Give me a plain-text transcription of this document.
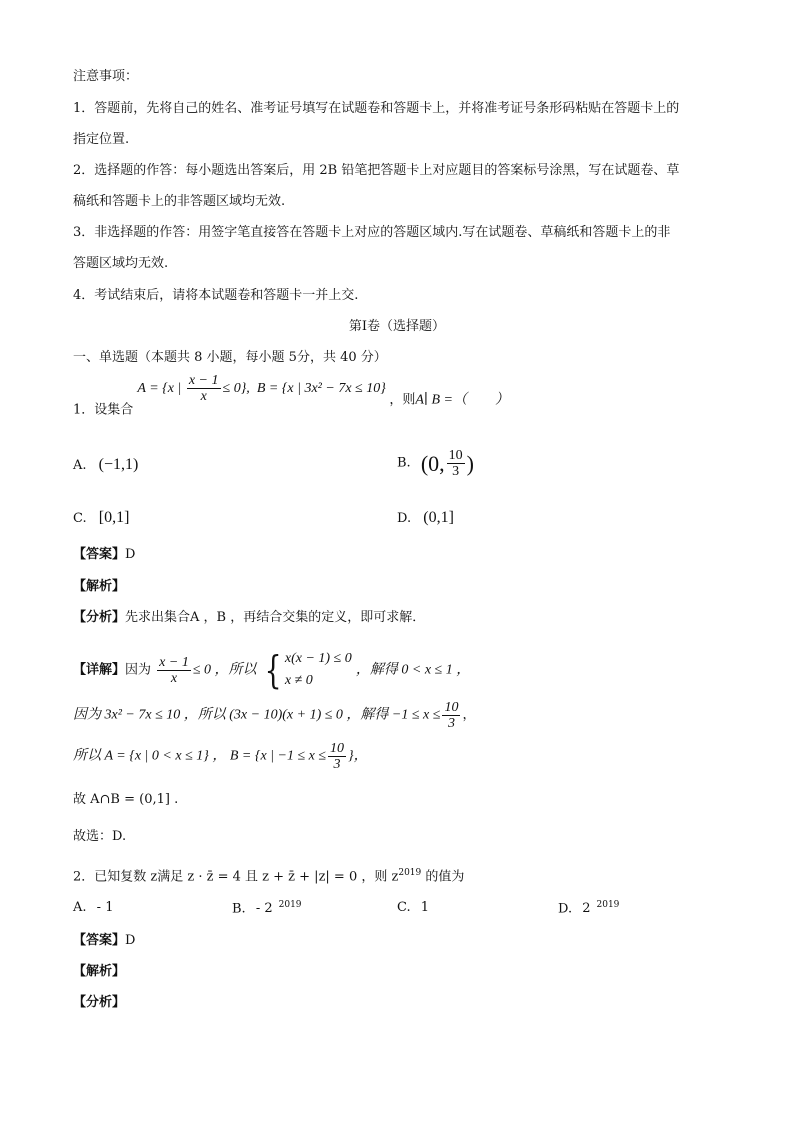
注意事项：
1．答题前，先将自己的姓名、准考证号填写在试题卷和答题卡上，并将准考证号条形码粘贴在答题卡上的
指定位置.
2．选择题的作答：每小题选出答案后，用 2B 铅笔把答题卡上对应题目的答案标号涂黑，写在试题卷、草
稿纸和答题卡上的非答题区域均无效.
3．非选择题的作答：用签字笔直接答在答题卡上对应的答题区域内.写在试题卷、草稿纸和答题卡上的非
答题区域均无效.
4．考试结束后，请将本试题卷和答题卡一并上交.
第Ⅰ卷（选择题）
一、单选题（本题共 8 小题，每小题 5分，共 40 分）
1．设集合 A = {x | $\frac{x - 1}{x} \le 0$}, B = {x | 3x² − 7x ≤ 10} ，则A∣ B =（　　）
A. (−1,1)	B. (0, $\frac{10}{3}$ )
C. [0,1]	D. (0,1]
【答案】D
【解析】
【分析】先求出集合A ，B ，再结合交集的定义，即可求解．
【详解】因为 $\frac{x - 1}{x} \le 0$ ，所以 { x(x − 1) ≤ 0
x ≠ 0
，解得 0 < x ≤ 1 ，
因为 3x² − 7x ≤ 10 ，所以 (3x − 10)(x + 1) ≤ 0 ，解得 $-1 \le x \le \frac{10}{3}$ ，
所以 A = {x | 0 < x ≤ 1} ， B = {x | $-1 \le x \le \frac{10}{3}$ }，
故 A∩B = (0,1] .
故选：D.
2．已知复数 z满足 z · z̄ = 4 且 z + z̄ + |z| = 0 ，则 $z^{2019}$ 的值为
A. - 1	B. - 2 $^{2019}$	C. 1	D. 2 $^{2019}$
【答案】D
【解析】
【分析】
